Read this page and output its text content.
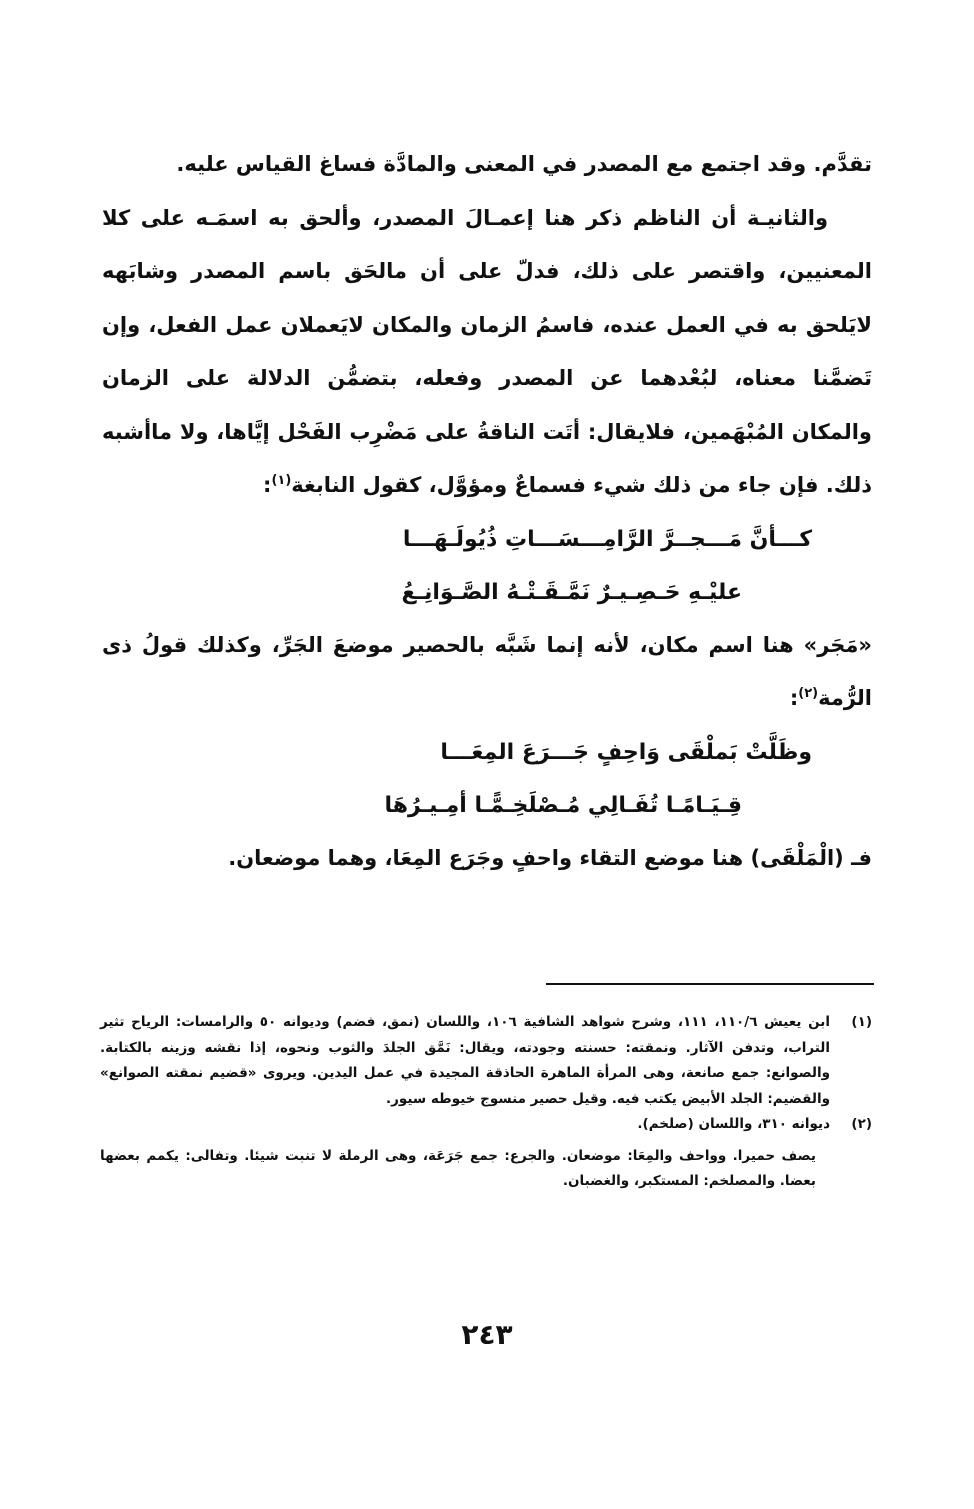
تقدَّم. وقد اجتمع مع المصدر في المعنى والمادَّة فساغ القياس عليه.

والثانيـة أن الناظم ذكر هنا إعمـالَ المصدر، وألحق به اسمَـه على كلا المعنيين، واقتصر على ذلك، فدلّ على أن مالحَق باسم المصدر وشابَهه لايَلحق به في العمل عنده، فاسمُ الزمان والمكان لايَعملان عمل الفعل، وإن تَضمَّنا معناه، لبُعْدهما عن المصدر وفعله، بتضمُّن الدلالة على الزمان والمكان المُبْهَمين، فلايقال: أتَت الناقةُ على مَضْرِب الفَحْل إيَّاها، ولا ماأشبه ذلك. فإن جاء من ذلك شيء فسماعٌ ومؤوَّل، كقول النابغة$^{(١)}$:

كـــأنَّ مَـــجــرَّ الرَّامِـــسَـــاتِ ذُيُولَـهَـــا
عليْـهِ حَـصِـيـرٌ نَمَّـقَـتْـهُ الصَّـوَانِـعُ

«مَجَر» هنا اسم مكان، لأنه إنما شَبَّه بالحصير موضعَ الجَرِّ، وكذلك قولُ ذى الرُّمة$^{(٢)}$:

وظَلَّتْ بَملْقَى وَاحِفٍ جَـــرَعَ المِعَـــا
قِـيَـامًـا تُفَـالِي مُـصْلَخِـمًّـا أمِـيـرُهَا

فـ (الْمَلْقَى) هنا موضع التقاء واحفٍ وجَرَع المِعَا، وهما موضعان.

(١)
ابن يعيش ١١٠/٦، ١١١، وشرح شواهد الشافية ١٠٦، واللسان (نمق، فضم) وديوانه ٥٠ والرامسات: الرياح تثير التراب، وتدفن الآثار. ونمقته: حسنته وجودته، ويقال: نَمَّق الجلدَ والثوب ونحوه، إذا نقشه وزينه بالكتابة. والصوانع: جمع صانعة، وهى المرأة الماهرة الحاذقة المجيدة في عمل اليدين. ويروى «قضيم نمقته الصوانع» والقضيم: الجلد الأبيض يكتب فيه. وقيل حصير منسوج خيوطه سيور.
(٢)
ديوانه ٣١٠، واللسان (صلخم).

يصف حميرا. وواحف والمِعَا: موضعان. والجرع: جمع جَرَعَة، وهى الرملة لا تنبت شيئا. وتفالى: يكمم بعضها بعضا. والمصلخم: المستكبر، والغضبان.

٢٤٣
